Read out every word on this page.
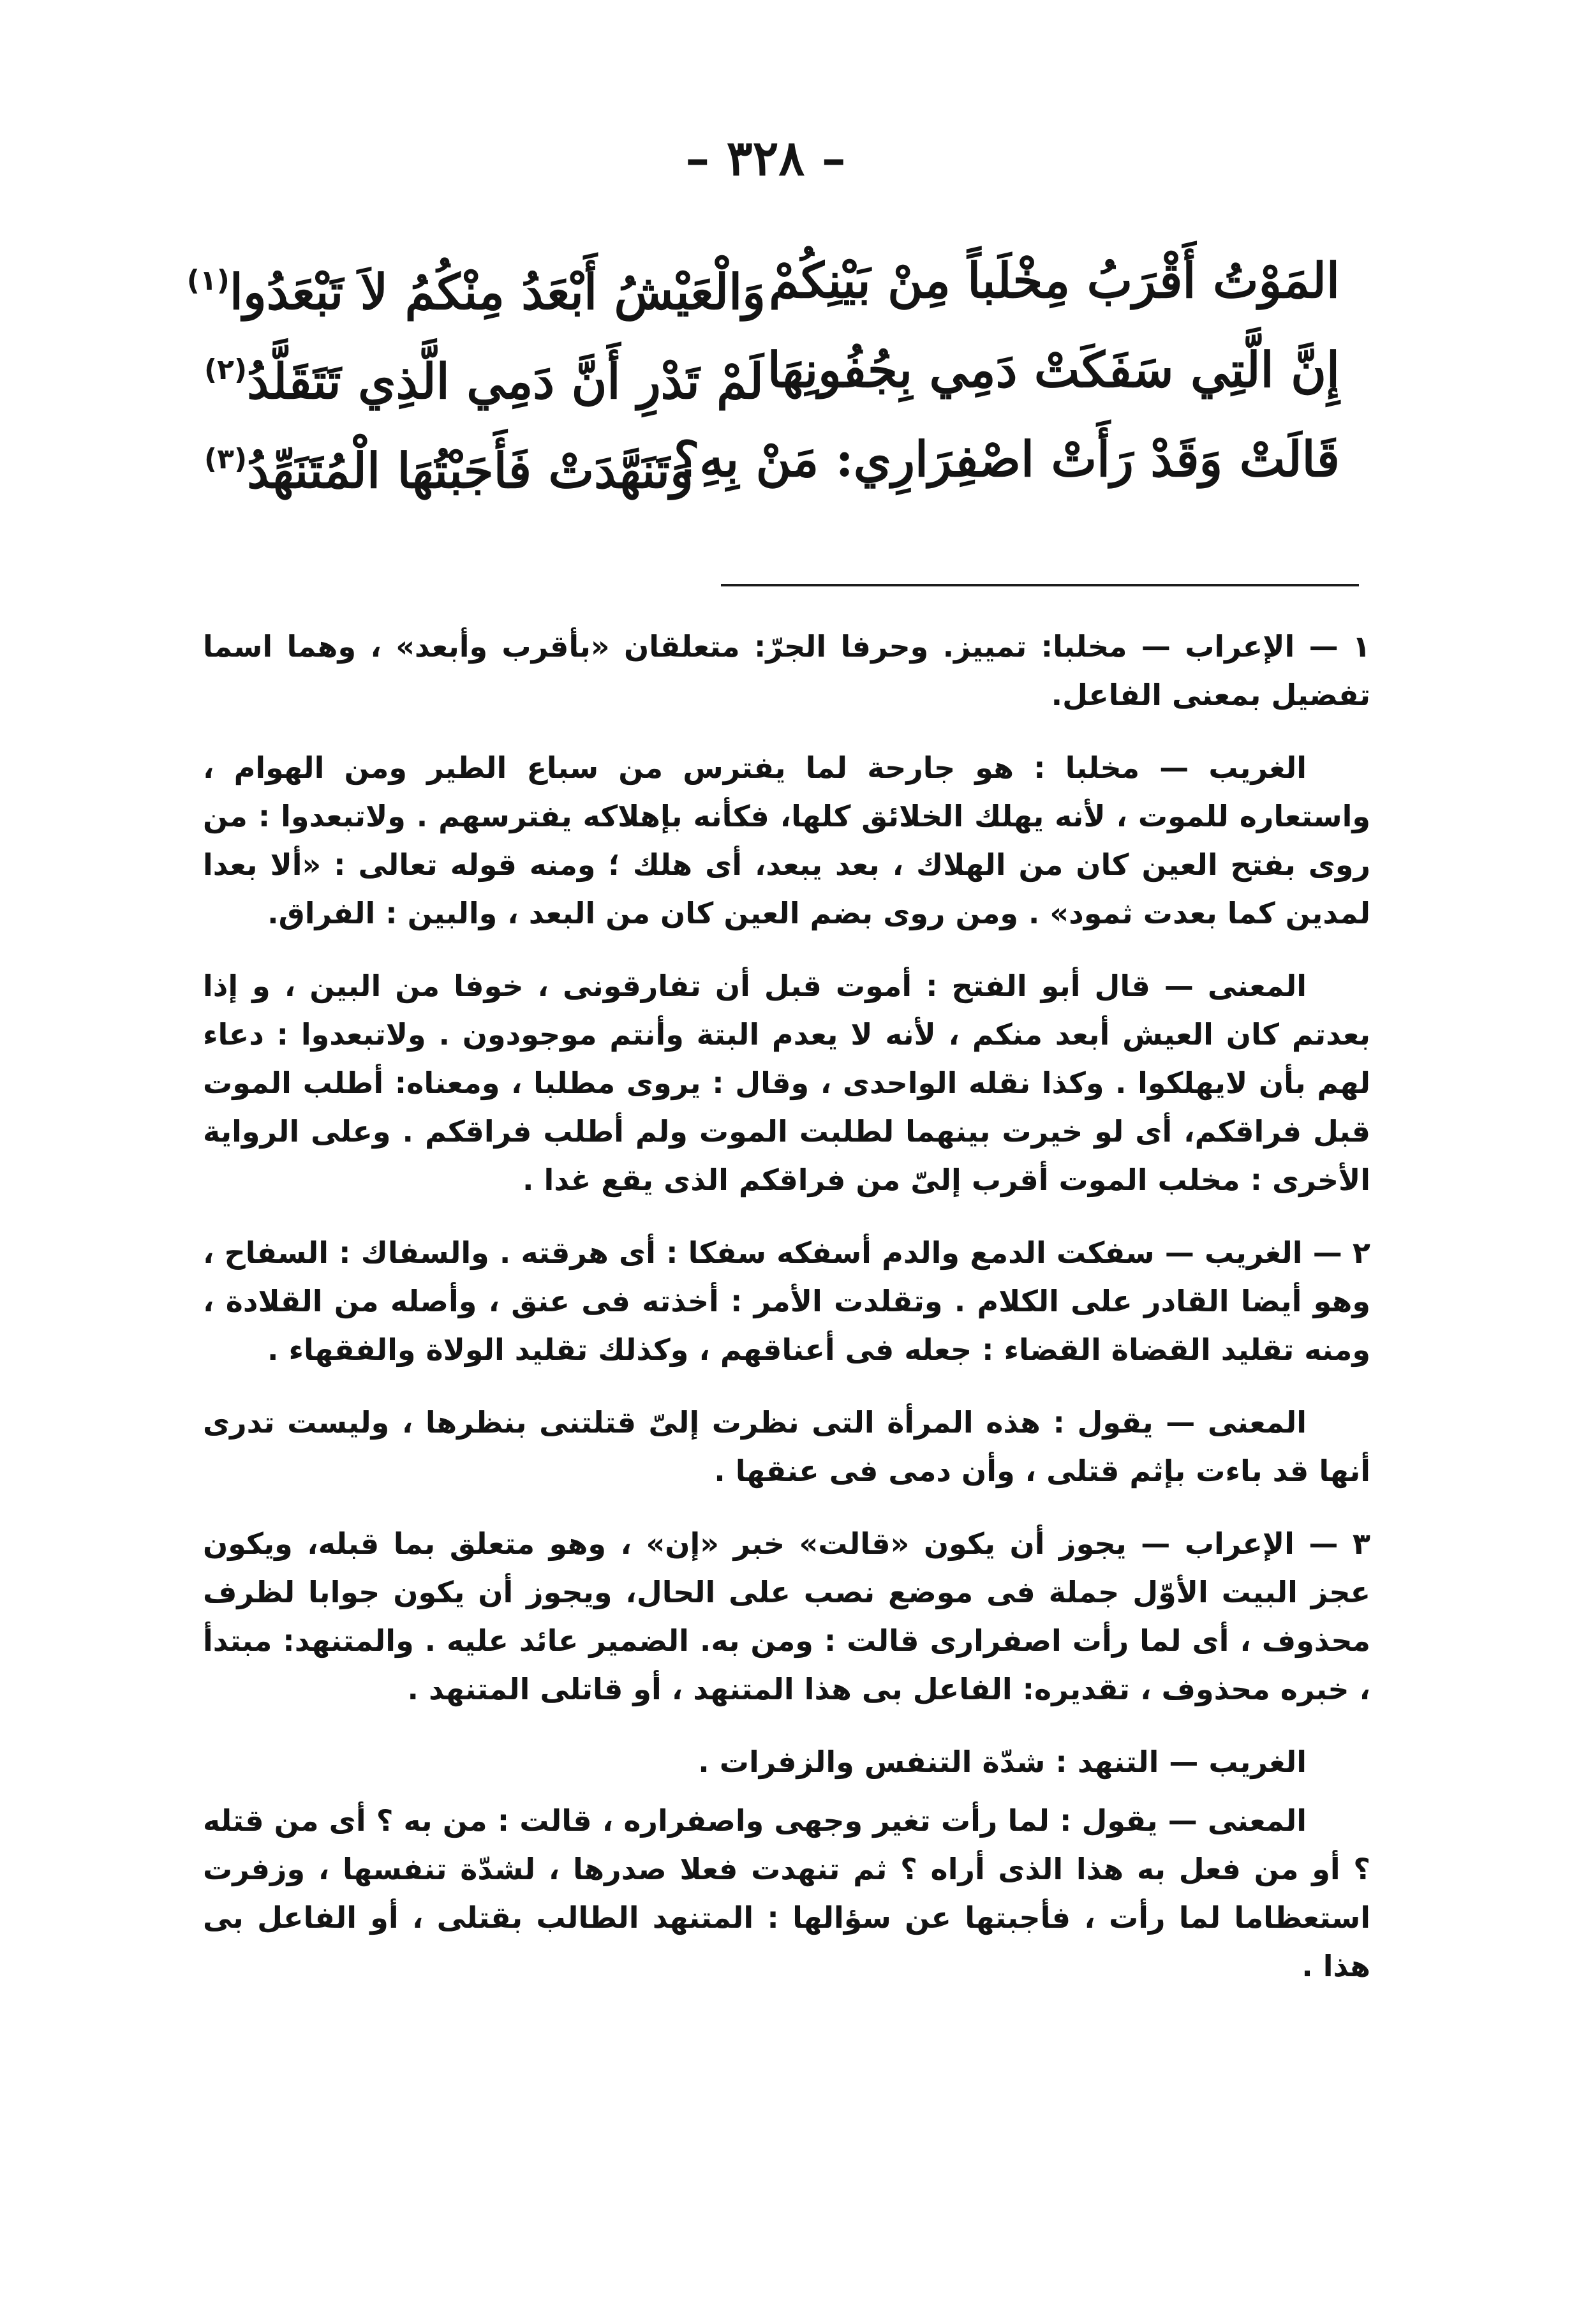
– ٣٢٨ –
المَوْتُ أَقْرَبُ مِخْلَباً مِنْ بَيْنِكُمْ
وَالْعَيْشُ أَبْعَدُ مِنْكُمُ لاَ تَبْعَدُوا$^{(١)}$
إِنَّ الَّتِي سَفَكَتْ دَمِي بِجُفُونِهَا
لَمْ تَدْرِ أَنَّ دَمِي الَّذِي تَتَقَلَّدُ$^{(٢)}$
قَالَتْ وَقَدْ رَأَتْ اصْفِرَارِي: مَنْ بِهِ؟
وَتَنَهَّدَتْ فَأَجَبْتُهَا الْمُتَنَهِّدُ$^{(٣)}$

١ — الإعراب — مخلبا: تمييز. وحرفا الجرّ: متعلقان «بأقرب وأبعد» ، وهما اسما تفضيل بمعنى الفاعل.

الغريب — مخلبا : هو جارحة لما يفترس من سباع الطير ومن الهوام ، واستعاره للموت ، لأنه يهلك الخلائق كلها، فكأنه بإهلاكه يفترسهم . ولاتبعدوا : من روى بفتح العين كان من الهلاك ، بعد يبعد، أى هلك ؛ ومنه قوله تعالى : «ألا بعدا لمدين كما بعدت ثمود» . ومن روى بضم العين كان من البعد ، والبين : الفراق.

المعنى — قال أبو الفتح : أموت قبل أن تفارقونى ، خوفا من البين ، و إذا بعدتم كان العيش أبعد منكم ، لأنه لا يعدم البتة وأنتم موجودون . ولاتبعدوا : دعاء لهم بأن لايهلكوا . وكذا نقله الواحدى ، وقال : يروى مطلبا ، ومعناه: أطلب الموت قبل فراقكم، أى لو خيرت بينهما لطلبت الموت ولم أطلب فراقكم . وعلى الرواية الأخرى : مخلب الموت أقرب إلىّ من فراقكم الذى يقع غدا .

٢ — الغريب — سفكت الدمع والدم أسفكه سفكا : أى هرقته . والسفاك : السفاح ، وهو أيضا القادر على الكلام . وتقلدت الأمر : أخذته فى عنق ، وأصله من القلادة ، ومنه تقليد القضاة القضاء : جعله فى أعناقهم ، وكذلك تقليد الولاة والفقهاء .

المعنى — يقول : هذه المرأة التى نظرت إلىّ قتلتنى بنظرها ، وليست تدرى أنها قد باءت بإثم قتلى ، وأن دمى فى عنقها .

٣ — الإعراب — يجوز أن يكون «قالت» خبر «إن» ، وهو متعلق بما قبله، ويكون عجز البيت الأوّل جملة فى موضع نصب على الحال، ويجوز أن يكون جوابا لظرف محذوف ، أى لما رأت اصفرارى قالت : ومن به. الضمير عائد عليه . والمتنهد: مبتدأ ، خبره محذوف ، تقديره: الفاعل بى هذا المتنهد ، أو قاتلى المتنهد .

الغريب — التنهد : شدّة التنفس والزفرات .

المعنى — يقول : لما رأت تغير وجهى واصفراره ، قالت : من به ؟ أى من قتله ؟ أو من فعل به هذا الذى أراه ؟ ثم تنهدت فعلا صدرها ، لشدّة تنفسها ، وزفرت استعظاما لما رأت ، فأجبتها عن سؤالها : المتنهد الطالب بقتلى ، أو الفاعل بى هذا .
